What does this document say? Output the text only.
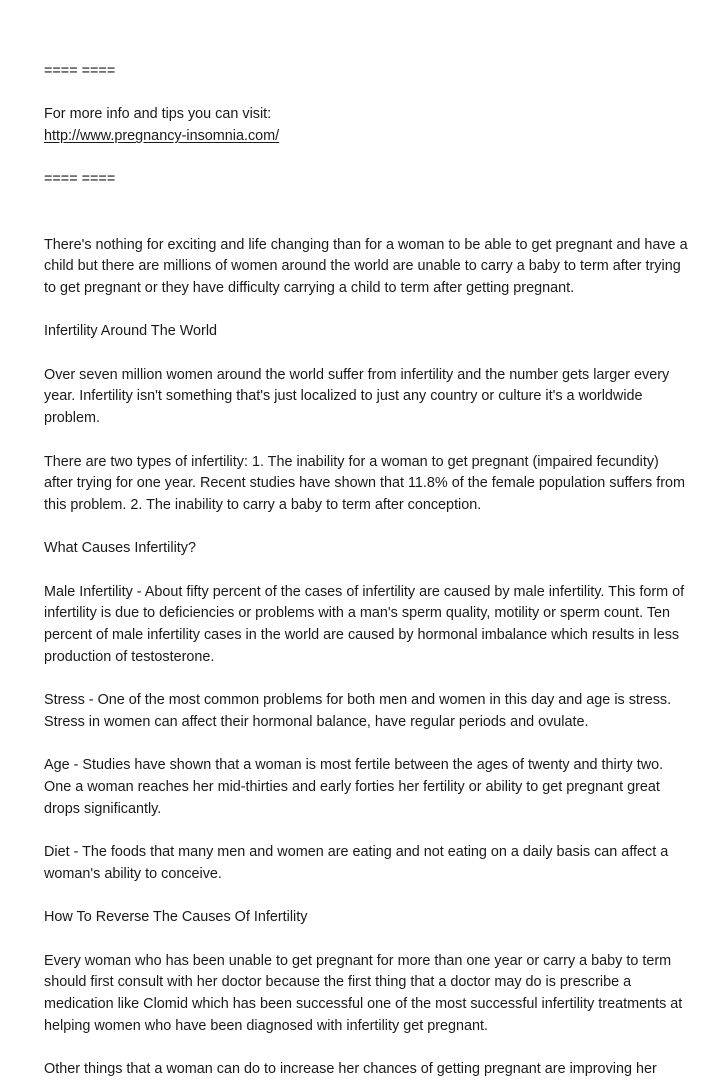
==== ====

For more info and tips you can visit:

http://www.pregnancy-insomnia.com/

==== ====

There's nothing for exciting and life changing than for a woman to be able to get pregnant and have a child but there are millions of women around the world are unable to carry a baby to term after trying to get pregnant or they have difficulty carrying a child to term after getting pregnant.

Infertility Around The World

Over seven million women around the world suffer from infertility and the number gets larger every year. Infertility isn't something that's just localized to just any country or culture it's a worldwide problem.

There are two types of infertility: 1. The inability for a woman to get pregnant (impaired fecundity) after trying for one year. Recent studies have shown that 11.8% of the female population suffers from this problem. 2. The inability to carry a baby to term after conception.

What Causes Infertility?

Male Infertility - About fifty percent of the cases of infertility are caused by male infertility. This form of infertility is due to deficiencies or problems with a man's sperm quality, motility or sperm count. Ten percent of male infertility cases in the world are caused by hormonal imbalance which results in less production of testosterone.

Stress - One of the most common problems for both men and women in this day and age is stress. Stress in women can affect their hormonal balance, have regular periods and ovulate.

Age - Studies have shown that a woman is most fertile between the ages of twenty and thirty two. One a woman reaches her mid-thirties and early forties her fertility or ability to get pregnant great drops significantly.

Diet - The foods that many men and women are eating and not eating on a daily basis can affect a woman's ability to conceive.

How To Reverse The Causes Of Infertility

Every woman who has been unable to get pregnant for more than one year or carry a baby to term should first consult with her doctor because the first thing that a doctor may do is prescribe a medication like Clomid which has been successful one of the most successful infertility treatments at helping women who have been diagnosed with infertility get pregnant.

Other things that a woman can do to increase her chances of getting pregnant are improving her
